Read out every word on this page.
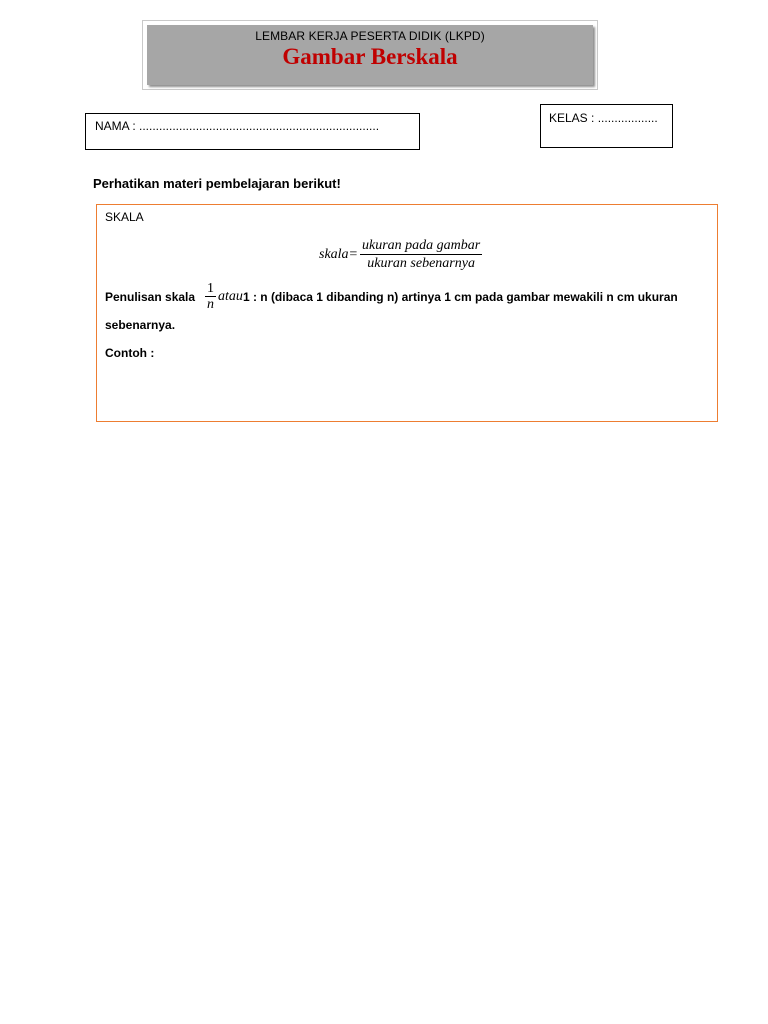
LEMBAR KERJA PESERTA DIDIK (LKPD)
Gambar Berskala
NAMA : ........................................................................
KELAS : ..................
Perhatikan materi pembelajaran berikut!
SKALA
skala= $\frac{\text{ukuran pada gambar}}{\text{ukuran sebenarnya}}$
Penulisan skala $\frac{1}{n}$ atau 1 : n (dibaca 1 dibanding n) artinya 1 cm pada gambar mewakili n cm ukuran
sebenarnya.
Contoh :
